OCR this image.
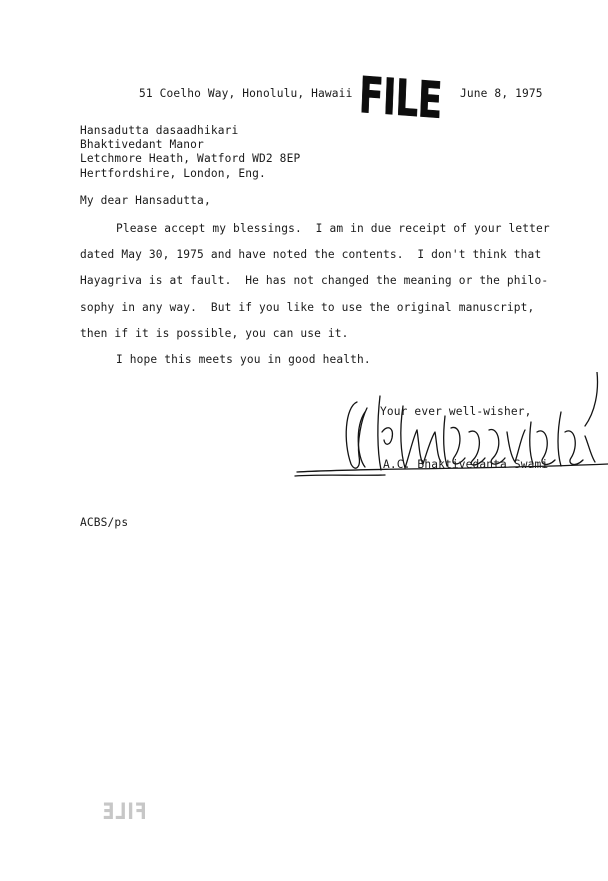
51 Coelho Way, Honolulu, Hawaii FILE June 8, 1975
Hansadutta dasaadhikari
Bhaktivedant Manor
Letchmore Heath, Watford WD2 8EP
Hertfordshire, London, Eng.
My dear Hansadutta,
Please accept my blessings.  I am in due receipt of your letter
dated May 30, 1975 and have noted the contents.  I don't think that
Hayagriva is at fault.  He has not changed the meaning or the philo-
sophy in any way.  But if you like to use the original manuscript,
then if it is possible, you can use it.
I hope this meets you in good health.
Your ever well-wisher,
A.C. Bhaktivedanta Swami
ACBS/ps
FILE
